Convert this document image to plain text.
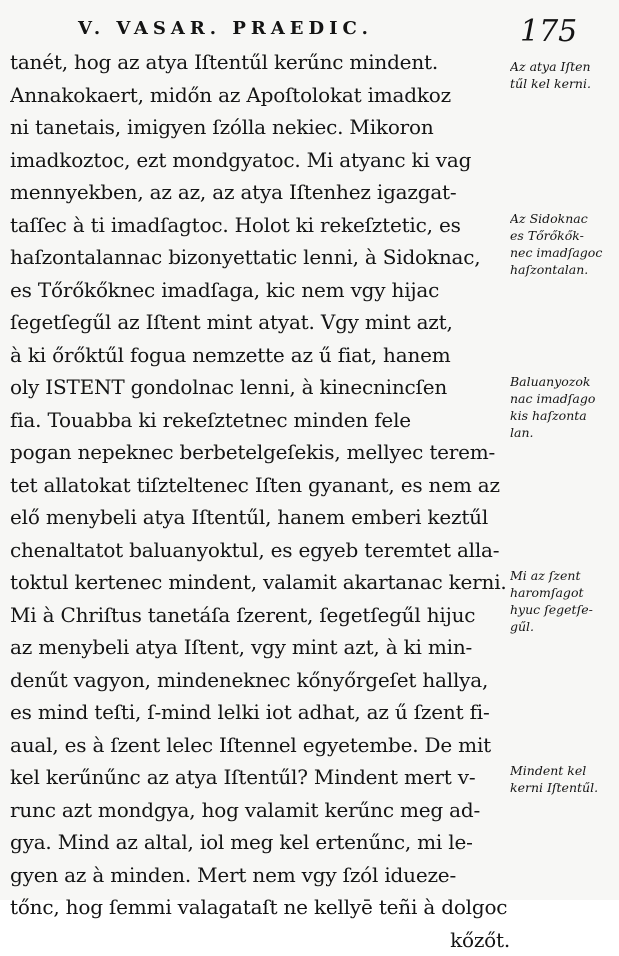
V. VASAR. PRAEDIC.	175
tanét, hog az atya Iſtentűl kerűnc mindent.
Annakokaert, midőn az Apoſtolokat imadkoz
ni tanetais, imigyen ſzólla nekiec. Mikoron
imadkoztoc, ezt mondgyatoc. Mi atyanc ki vag
mennyekben, az az, az atya Iſtenhez igazgat-
taſſec à ti imadſagtoc. Holot ki rekeſztetic, es
haſzontalannac bizonyettatic lenni, à Sidoknac,
es Tőrőkőknec imadſaga, kic nem vgy hijac
ſegetſegűl az Iſtent mint atyat. Vgy mint azt,
à ki őrőktűl fogua nemzette az ű fiat, hanem
oly ISTENT gondolnac lenni, à kinecnincſen
fia. Touabba ki rekeſztetnec minden fele
pogan nepeknec berbetelgeſekis, mellyec terem-
tet allatokat tiſzteltenec Iſten gyanant, es nem az
elő menybeli atya Iſtentűl, hanem emberi keztűl
chenaltatot baluanyoktul, es egyeb teremtet alla-
toktul kertenec mindent, valamit akartanac kerni.
Mi à Chriſtus tanetáſa ſzerent, ſegetſegűl hijuc
az menybeli atya Iſtent, vgy mint azt, à ki min-
denűt vagyon, mindeneknec kőnyőrgeſet hallya,
es mind teſti, ſ-mind lelki iot adhat, az ű ſzent fi-
aual, es à ſzent lelec Iſtennel egyetembe. De mit
kel kerűnűnc az atya Iſtentűl? Mindent mert v-
runc azt mondgya, hog valamit kerűnc meg ad-
gya. Mind az altal, iol meg kel ertenűnc, mi le-
gyen az à minden. Mert nem vgy ſzól idueze-
tőnc, hog ſemmi valagataſt ne kellyē teñi à dolgoc
kőzőt.
Az atya Iſten
tűl kel kerni.
Az Sidoknac
es Tőrőkők-
nec imadſagoc
haſzontalan.
Baluanyozok
nac imadſago
kis haſzonta
lan.
Mi az ſzent
haromſagot
hyuc ſegetſe-
gűl.
Mindent kel
kerni Iſtentűl.
